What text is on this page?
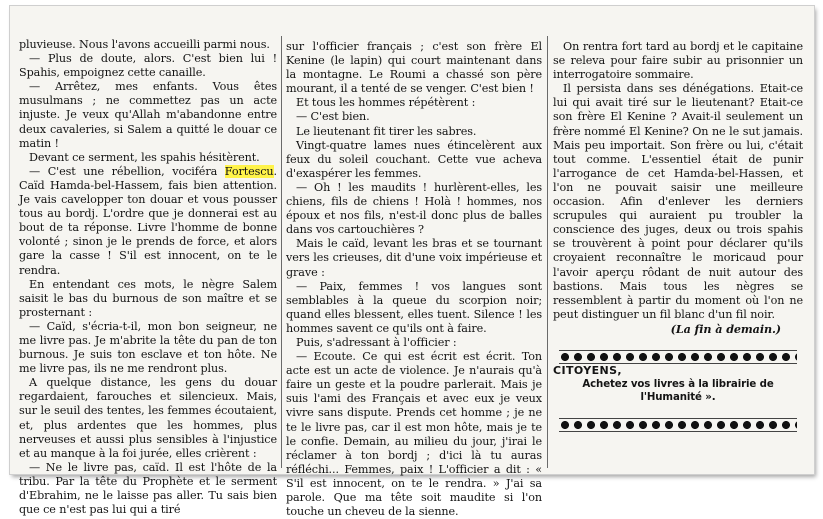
pluvieuse. Nous l'avons accueilli parmi nous.

— Plus de doute, alors. C'est bien lui ! Spahis, empoignez cette canaille.

— Arrêtez, mes enfants. Vous êtes musulmans ; ne commettez pas un acte injuste. Je veux qu'Allah m'abandonne entre deux cavaleries, si Salem a quitté le douar ce matin !

Devant ce serment, les spahis hésitèrent.

— C'est une rébellion, vociféra Fortescu. Caïd Hamda-bel-Hassem, fais bien attention. Je vais cavelopper ton douar et vous pousser tous au bordj. L'ordre que je donnerai est au bout de ta réponse. Livre l'homme de bonne volonté ; sinon je le prends de force, et alors gare la casse ! S'il est innocent, on te le rendra.

En entendant ces mots, le nègre Salem saisit le bas du burnous de son maître et se prosternant :

— Caïd, s'écria-t-il, mon bon seigneur, ne me livre pas. Je m'abrite la tête du pan de ton burnous. Je suis ton esclave et ton hôte. Ne me livre pas, ils ne me rendront plus.

A quelque distance, les gens du douar regardaient, farouches et silencieux. Mais, sur le seuil des tentes, les femmes écoutaient, et, plus ardentes que les hommes, plus nerveuses et aussi plus sensibles à l'injustice et au manque à la foi jurée, elles crièrent :

— Ne le livre pas, caïd. Il est l'hôte de la tribu. Par la tête du Prophète et le serment d'Ebrahim, ne le laisse pas aller. Tu sais bien que ce n'est pas lui qui a tiré

sur l'officier français ; c'est son frère El Kenine (le lapin) qui court maintenant dans la montagne. Le Roumi a chassé son père mourant, il a tenté de se venger. C'est bien !

Et tous les hommes répétèrent :

— C'est bien.

Le lieutenant fit tirer les sabres.

Vingt-quatre lames nues étincelèrent aux feux du soleil couchant. Cette vue acheva d'exaspérer les femmes.

— Oh ! les maudits ! hurlèrent-elles, les chiens, fils de chiens ! Holà ! hommes, nos époux et nos fils, n'est-il donc plus de balles dans vos cartouchières ?

Mais le caïd, levant les bras et se tournant vers les crieuses, dit d'une voix impérieuse et grave :

— Paix, femmes ! vos langues sont semblables à la queue du scorpion noir; quand elles blessent, elles tuent. Silence ! les hommes savent ce qu'ils ont à faire.

Puis, s'adressant à l'officier :

— Ecoute. Ce qui est écrit est écrit. Ton acte est un acte de violence. Je n'aurais qu'à faire un geste et la poudre parlerait. Mais je suis l'ami des Français et avec eux je veux vivre sans dispute. Prends cet homme ; je ne te le livre pas, car il est mon hôte, mais je te le confie. Demain, au milieu du jour, j'irai le réclamer à ton bordj ; d'ici là tu auras réfléchi... Femmes, paix ! L'officier a dit : « S'il est innocent, on te le rendra. » J'ai sa parole. Que ma tête soit maudite si l'on touche un cheveu de la sienne.

On rentra fort tard au bordj et le capitaine se releva pour faire subir au prisonnier un interrogatoire sommaire.

Il persista dans ses dénégations. Etait-ce lui qui avait tiré sur le lieutenant? Etait-ce son frère El Kenine ? Avait-il seulement un frère nommé El Kenine? On ne le sut jamais. Mais peu importait. Son frère ou lui, c'était tout comme. L'essentiel était de punir l'arrogance de cet Hamda-bel-Hassen, et l'on ne pouvait saisir une meilleure occasion. Afin d'enlever les derniers scrupules qui auraient pu troubler la conscience des juges, deux ou trois spahis se trouvèrent à point pour déclarer qu'ils croyaient reconnaître le moricaud pour l'avoir aperçu rôdant de nuit autour des bastions. Mais tous les nègres se ressemblent à partir du moment où l'on ne peut distinguer un fil blanc d'un fil noir.

(La fin à demain.)

CITOYENS,

Achetez vos livres à la librairie de

l'Humanité ».
